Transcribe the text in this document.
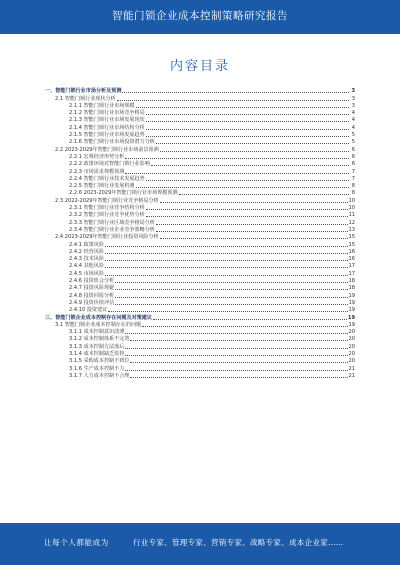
智能门锁企业成本控制策略研究报告
内容目录
一、智能门锁行业市场分析及预测	3
2.1 智能门锁行业现状分析	3
2.1.1 智能门锁行业市场规模	3
2.1.2 智能门锁行业市场竞争格局	4
2.1.3 智能门锁行业市场发展现状	4
2.1.4 智能门锁行业市场结构分析	4
2.1.5 智能门锁行业市场发展趋势	5
2.1.6 智能门锁行业市场投资潜力分析	5
2.2 2023-2029年智能门锁行业市场前景预测	6
2.2.1 宏观经济形势分析	6
2.2.2 政策环境对智能门锁行业影响	6
2.2.3 市场需求规模预测	7
2.2.4 智能门锁行业技术发展趋势	7
2.2.5 智能门锁行业发展机遇	8
2.2.6 2023-2029年智能门锁行业市场规模预测	8
2.3 2022-2029年智能门锁行业竞争格局分析	10
2.3.1 智能门锁行业竞争结构分析	10
2.3.2 智能门锁行业竞争优势分析	11
2.3.3 智能门锁行业区域竞争格局分析	12
2.3.4 智能门锁行业企业竞争策略分析	13
2.4 2023-2029年智能门锁行业投资风险分析	15
2.4.1 政策风险	15
2.4.2 经营风险	16
2.4.3 技术风险	16
2.4.4 其他风险	17
2.4.5 市场风险	17
2.4.6 投资机会分析	18
2.4.7 投资风险规避	18
2.4.8 投资回报分析	19
2.4.9 投资价值评估	19
2.4.10 投资建议	19
三、智能门锁企业成本控制存在问题及对策建议	19
3.1 智能门锁企业成本控制存在的问题	19
3.1.1 成本控制意识淡薄	20
3.1.2 成本控制体系不完善	20
3.1.3 成本控制方法落后	20
3.1.4 成本控制缺乏监督	20
3.1.5 采购成本控制不到位	20
3.1.6 生产成本控制不力	21
3.1.7 人力成本控制不合理	21
让每个人都能成为	行业专家、管理专家、营销专家、战略专家、成本企业家……
